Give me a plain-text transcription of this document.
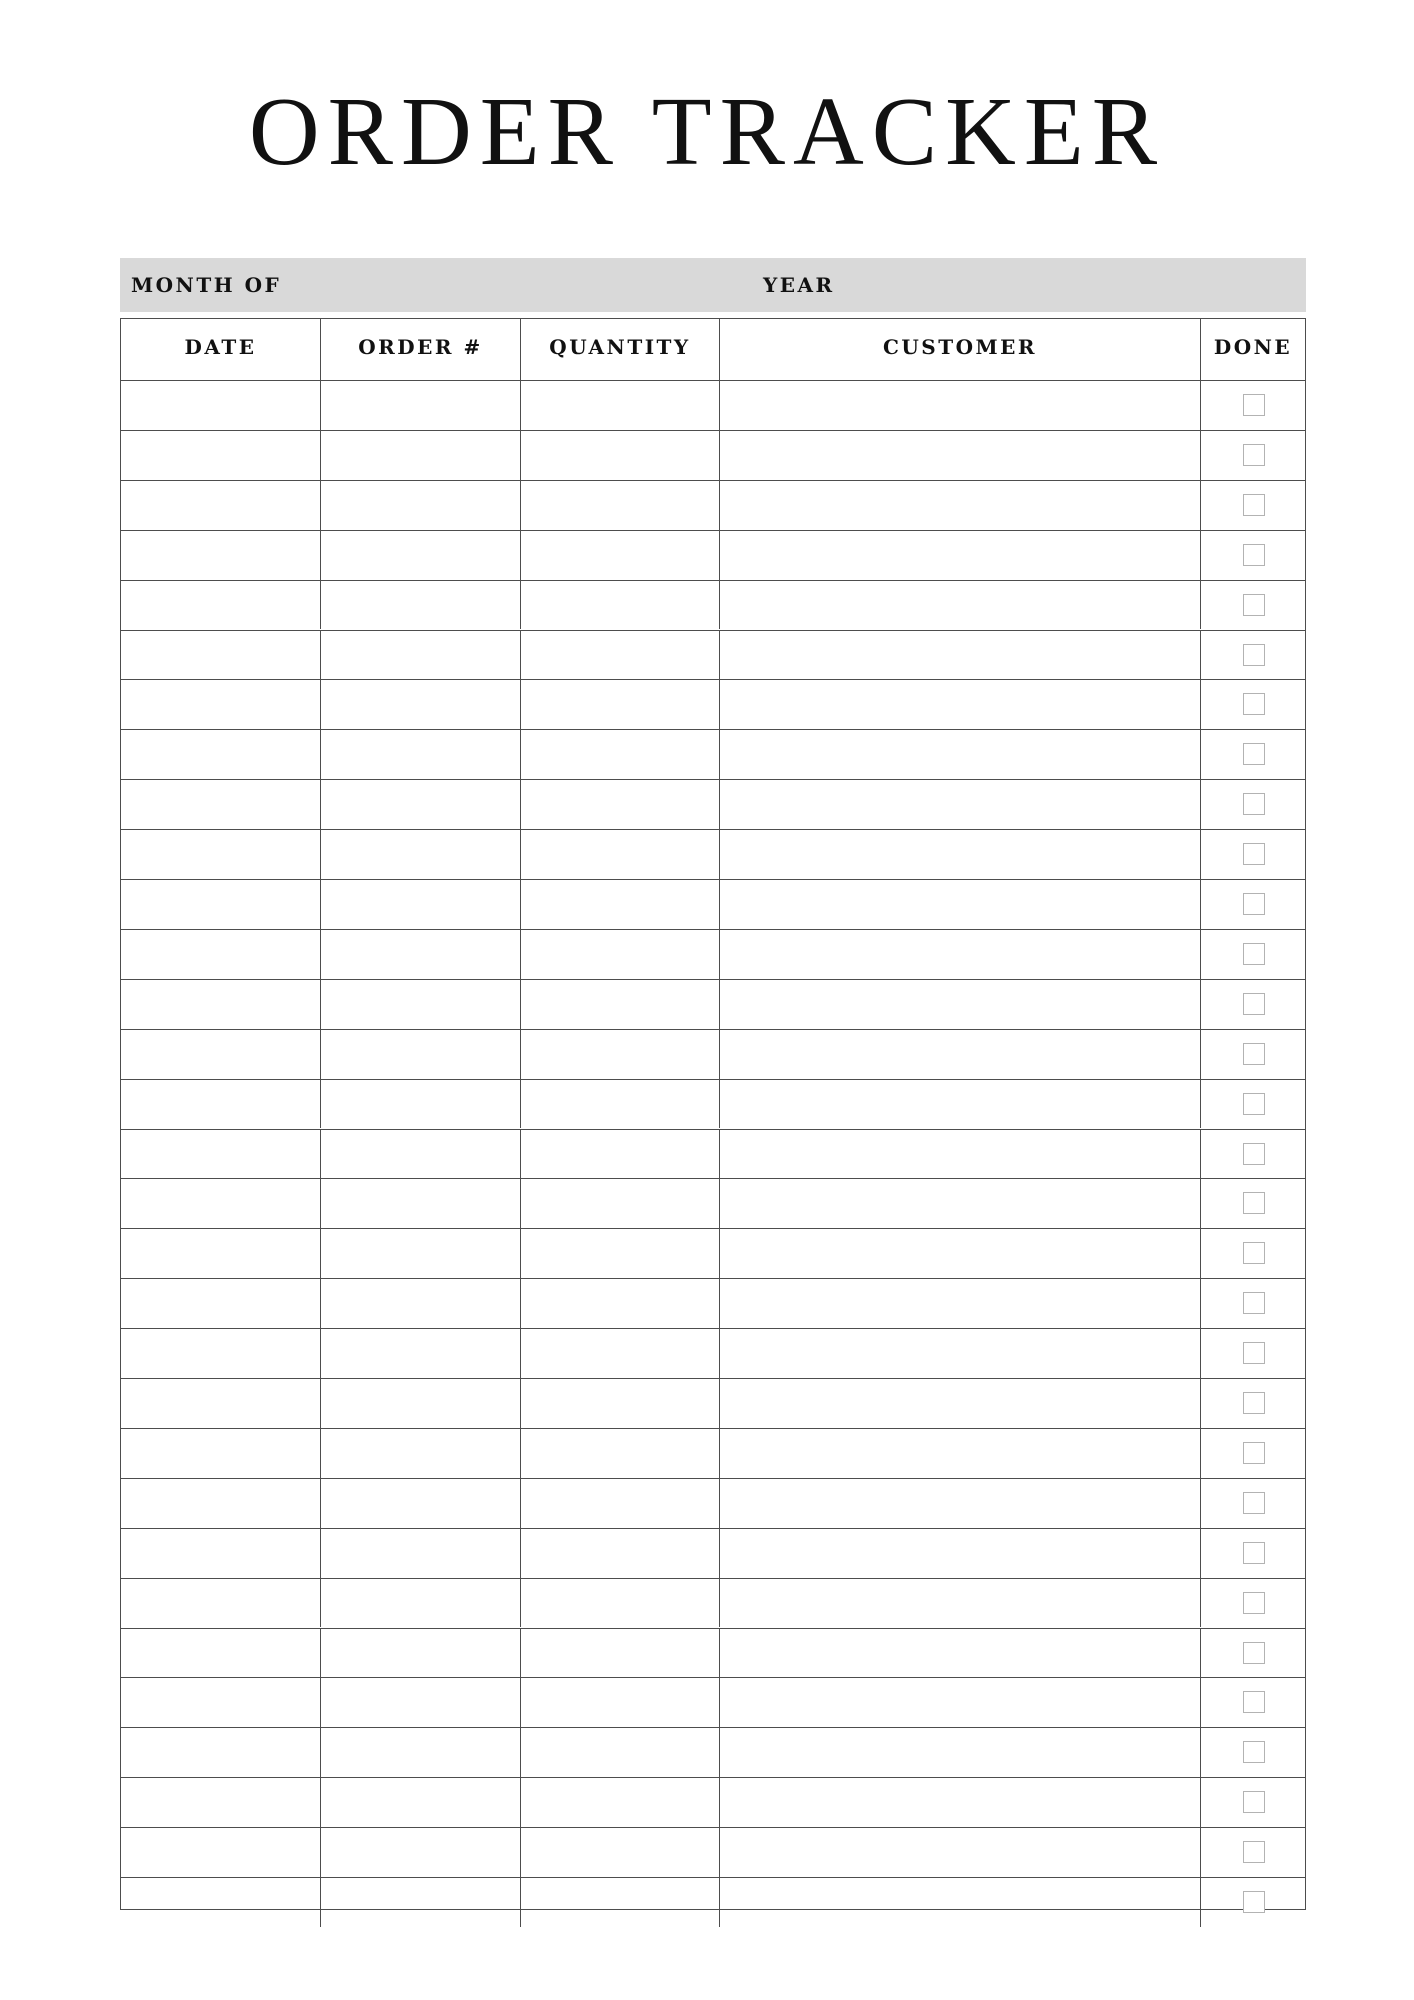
ORDER TRACKER
MONTH OF	YEAR
DATE	ORDER #	QUANTITY	CUSTOMER	DONE
